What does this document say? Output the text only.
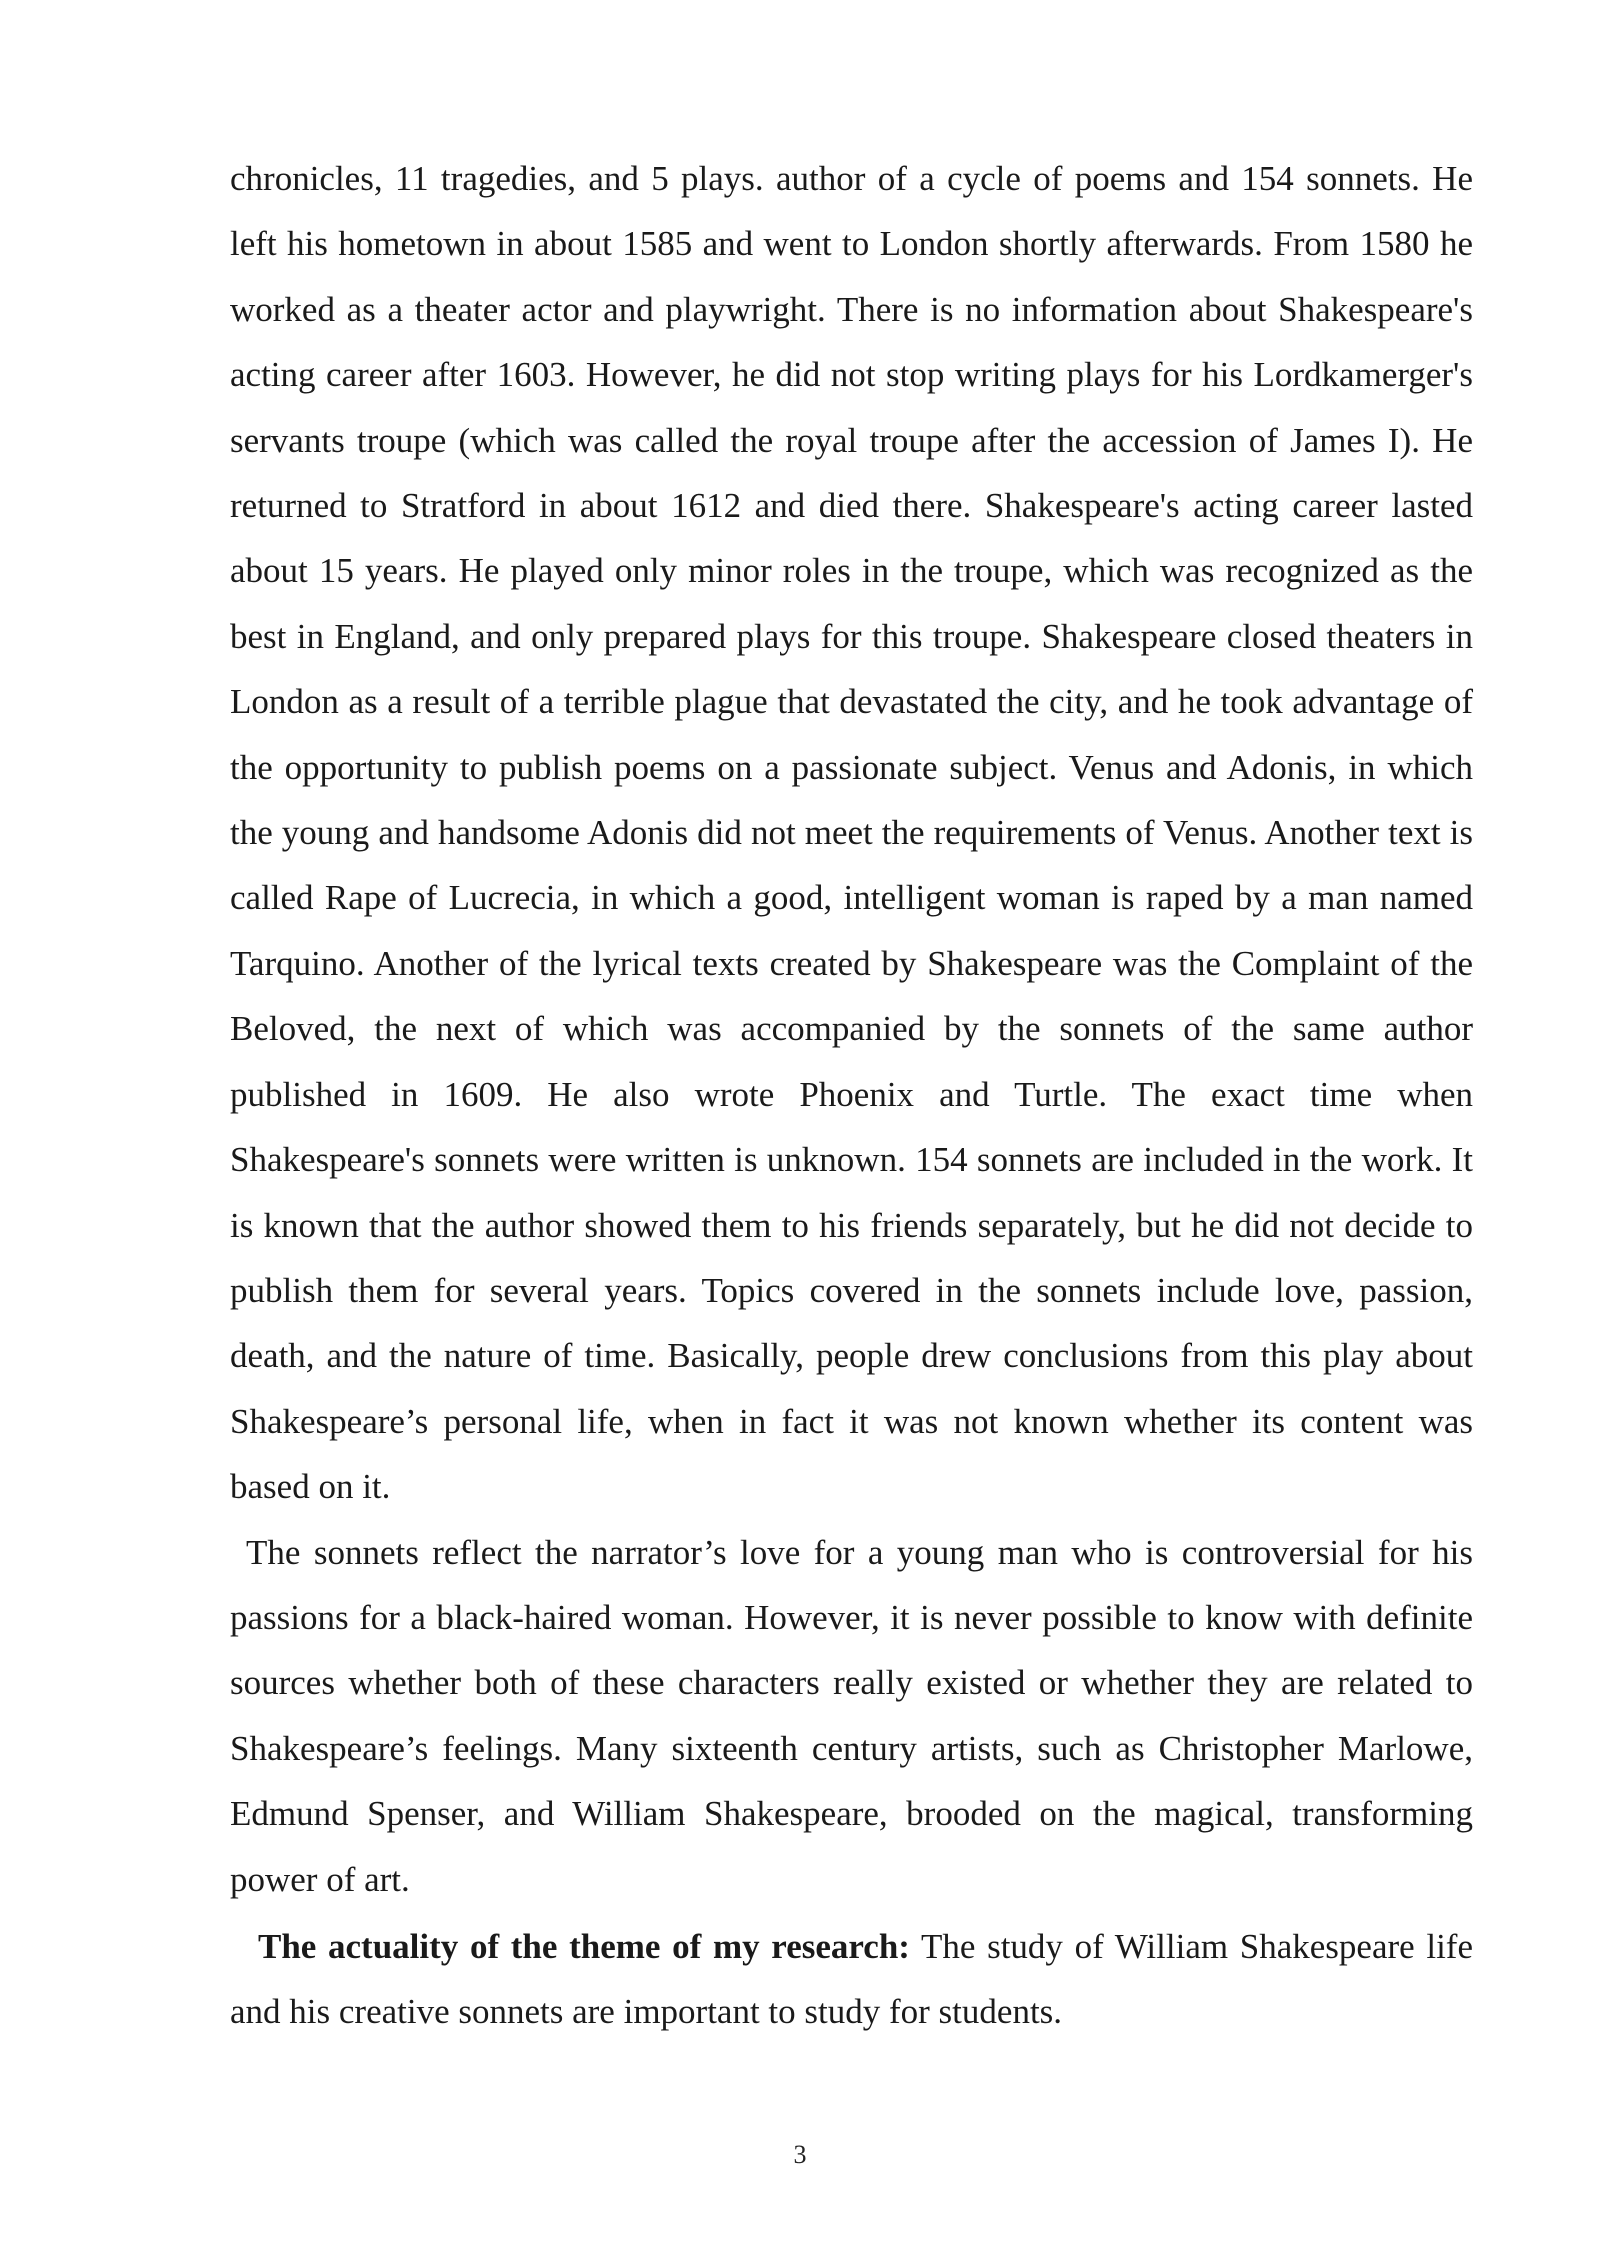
chronicles, 11 tragedies, and 5 plays. author of a cycle of poems and 154 sonnets. He left his hometown in about 1585 and went to London shortly afterwards. From 1580 he worked as a theater actor and playwright. There is no information about Shakespeare's acting career after 1603. However, he did not stop writing plays for his Lordkamerger's servants troupe (which was called the royal troupe after the accession of James I). He returned to Stratford in about 1612 and died there. Shakespeare's acting career lasted about 15 years. He played only minor roles in the troupe, which was recognized as the best in England, and only prepared plays for this troupe. Shakespeare closed theaters in London as a result of a terrible plague that devastated the city, and he took advantage of the opportunity to publish poems on a passionate subject. Venus and Adonis, in which the young and handsome Adonis did not meet the requirements of Venus. Another text is called Rape of Lucrecia, in which a good, intelligent woman is raped by a man named Tarquino. Another of the lyrical texts created by Shakespeare was the Complaint of the Beloved, the next of which was accompanied by the sonnets of the same author published in 1609. He also wrote Phoenix and Turtle. The exact time when Shakespeare's sonnets were written is unknown. 154 sonnets are included in the work. It is known that the author showed them to his friends separately, but he did not decide to publish them for several years. Topics covered in the sonnets include love, passion, death, and the nature of time. Basically, people drew conclusions from this play about Shakespeare’s personal life, when in fact it was not known whether its content was based on it.

The sonnets reflect the narrator’s love for a young man who is controversial for his passions for a black-haired woman. However, it is never possible to know with definite sources whether both of these characters really existed or whether they are related to Shakespeare’s feelings. Many sixteenth century artists, such as Christopher Marlowe, Edmund Spenser, and William Shakespeare, brooded on the magical, transforming power of art.

The actuality of the theme of my research: The study of William Shakespeare life and his creative sonnets are important to study for students.

3
